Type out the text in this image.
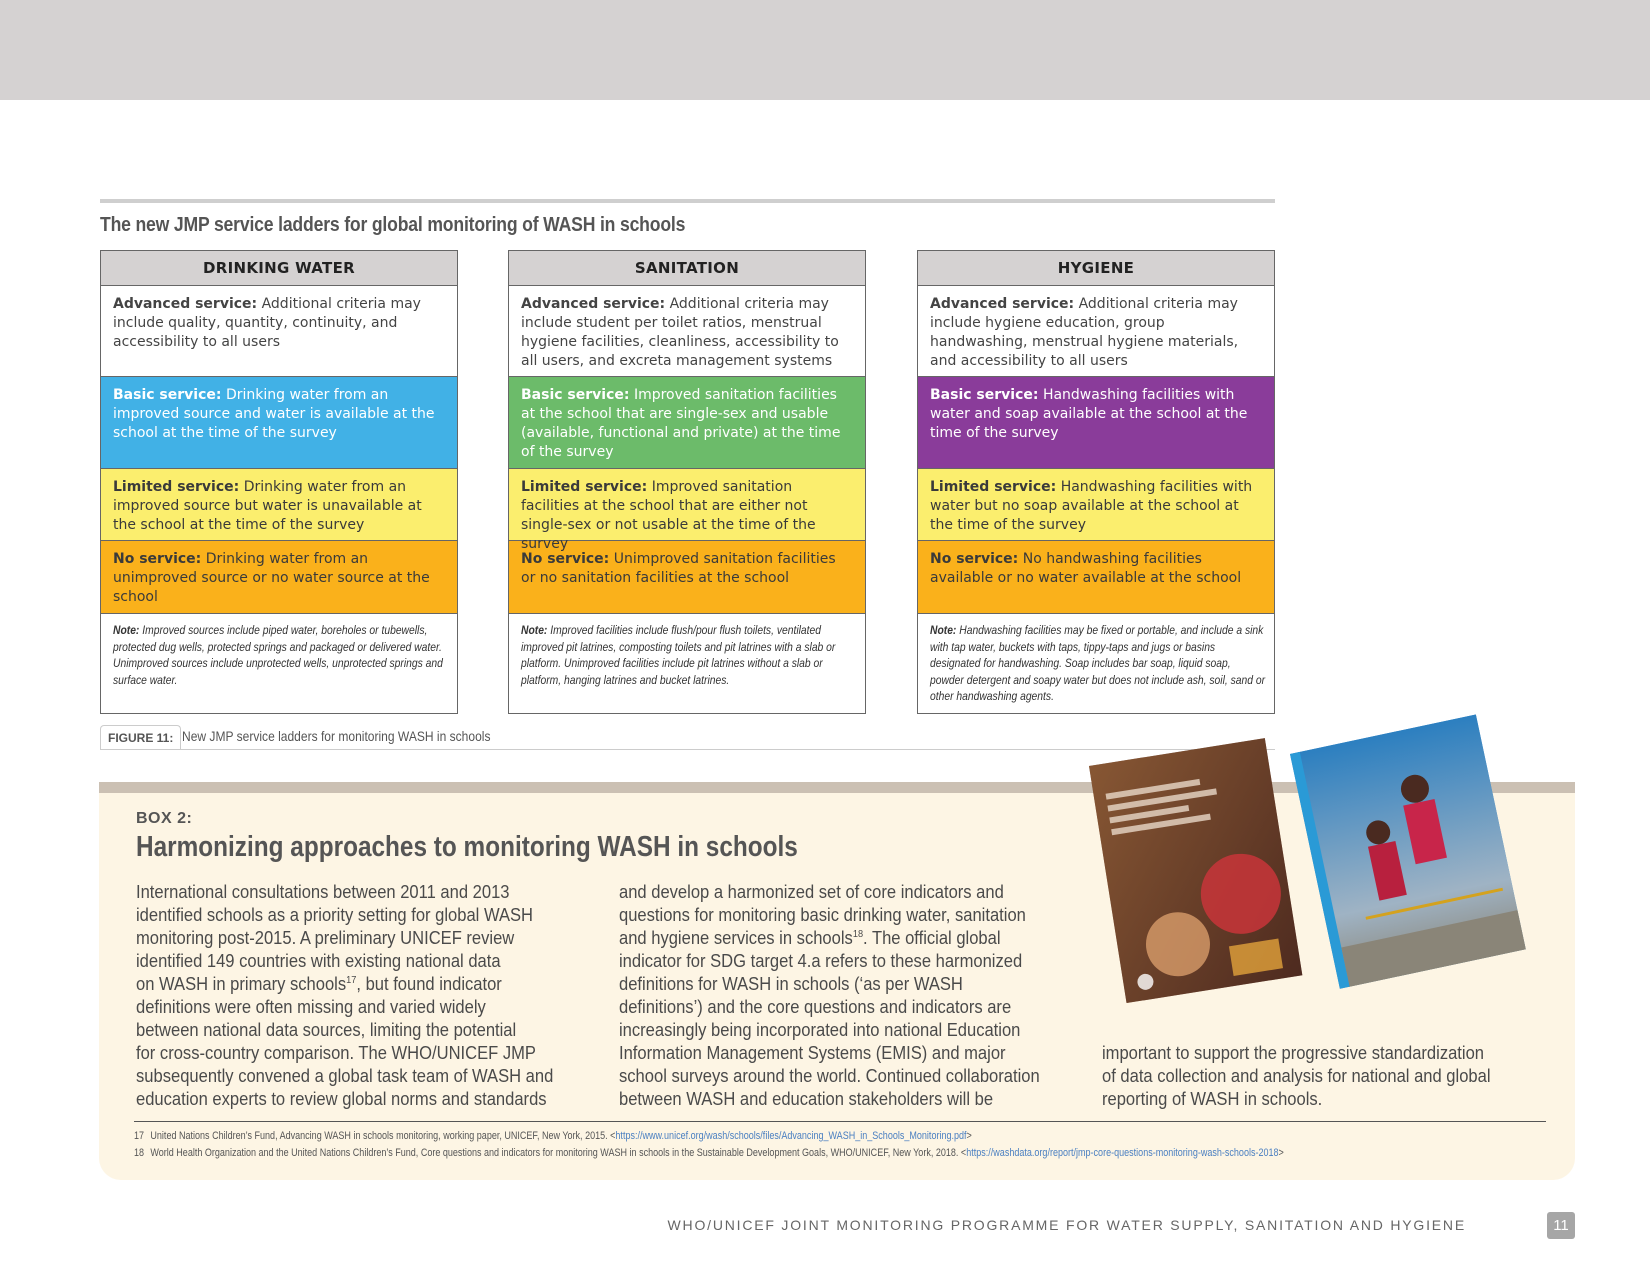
The new JMP service ladders for global monitoring of WASH in schools
DRINKING WATER
Advanced service: Additional criteria may include quality, quantity, continuity, and accessibility to all users
Basic service: Drinking water from an improved source and water is available at the school at the time of the survey
Limited service: Drinking water from an improved source but water is unavailable at the school at the time of the survey
No service: Drinking water from an unimproved source or no water source at the school
Note: Improved sources include piped water, boreholes or tubewells, protected dug wells, protected springs and packaged or delivered water. Unimproved sources include unprotected wells, unprotected springs and surface water.
SANITATION
Advanced service: Additional criteria may include student per toilet ratios, menstrual hygiene facilities, cleanliness, accessibility to all users, and excreta management systems
Basic service: Improved sanitation facilities at the school that are single-sex and usable (available, functional and private) at the time of the survey
Limited service: Improved sanitation facilities at the school that are either not single-sex or not usable at the time of the survey
No service: Unimproved sanitation facilities or no sanitation facilities at the school
Note: Improved facilities include flush/pour flush toilets, ventilated improved pit latrines, composting toilets and pit latrines with a slab or platform. Unimproved facilities include pit latrines without a slab or platform, hanging latrines and bucket latrines.
HYGIENE
Advanced service: Additional criteria may include hygiene education, group handwashing, menstrual hygiene materials, and accessibility to all users
Basic service: Handwashing facilities with water and soap available at the school at the time of the survey
Limited service: Handwashing facilities with water but no soap available at the school at the time of the survey
No service: No handwashing facilities available or no water available at the school
Note: Handwashing facilities may be fixed or portable, and include a sink with tap water, buckets with taps, tippy-taps and jugs or basins designated for handwashing. Soap includes bar soap, liquid soap, powder detergent and soapy water but does not include ash, soil, sand or other handwashing agents.
FIGURE 11: New JMP service ladders for monitoring WASH in schools
BOX 2:
Harmonizing approaches to monitoring WASH in schools
International consultations between 2011 and 2013
identified schools as a priority setting for global WASH
monitoring post-2015. A preliminary UNICEF review
identified 149 countries with existing national data
on WASH in primary schools$^{17}$, but found indicator
definitions were often missing and varied widely
between national data sources, limiting the potential
for cross-country comparison. The WHO/UNICEF JMP
subsequently convened a global task team of WASH and
education experts to review global norms and standards
and develop a harmonized set of core indicators and
questions for monitoring basic drinking water, sanitation
and hygiene services in schools$^{18}$. The official global
indicator for SDG target 4.a refers to these harmonized
definitions for WASH in schools (‘as per WASH
definitions’) and the core questions and indicators are
increasingly being incorporated into national Education
Information Management Systems (EMIS) and major
school surveys around the world. Continued collaboration
between WASH and education stakeholders will be
important to support the progressive standardization
of data collection and analysis for national and global
reporting of WASH in schools.
17 United Nations Children’s Fund, Advancing WASH in schools monitoring, working paper, UNICEF, New York, 2015. <https://www.unicef.org/wash/schools/files/Advancing_WASH_in_Schools_Monitoring.pdf>
18 World Health Organization and the United Nations Children’s Fund, Core questions and indicators for monitoring WASH in schools in the Sustainable Development Goals, WHO/UNICEF, New York, 2018. <https://washdata.org/report/jmp-core-questions-monitoring-wash-schools-2018>
WHO/UNICEF JOINT MONITORING PROGRAMME FOR WATER SUPPLY, SANITATION AND HYGIENE	11
